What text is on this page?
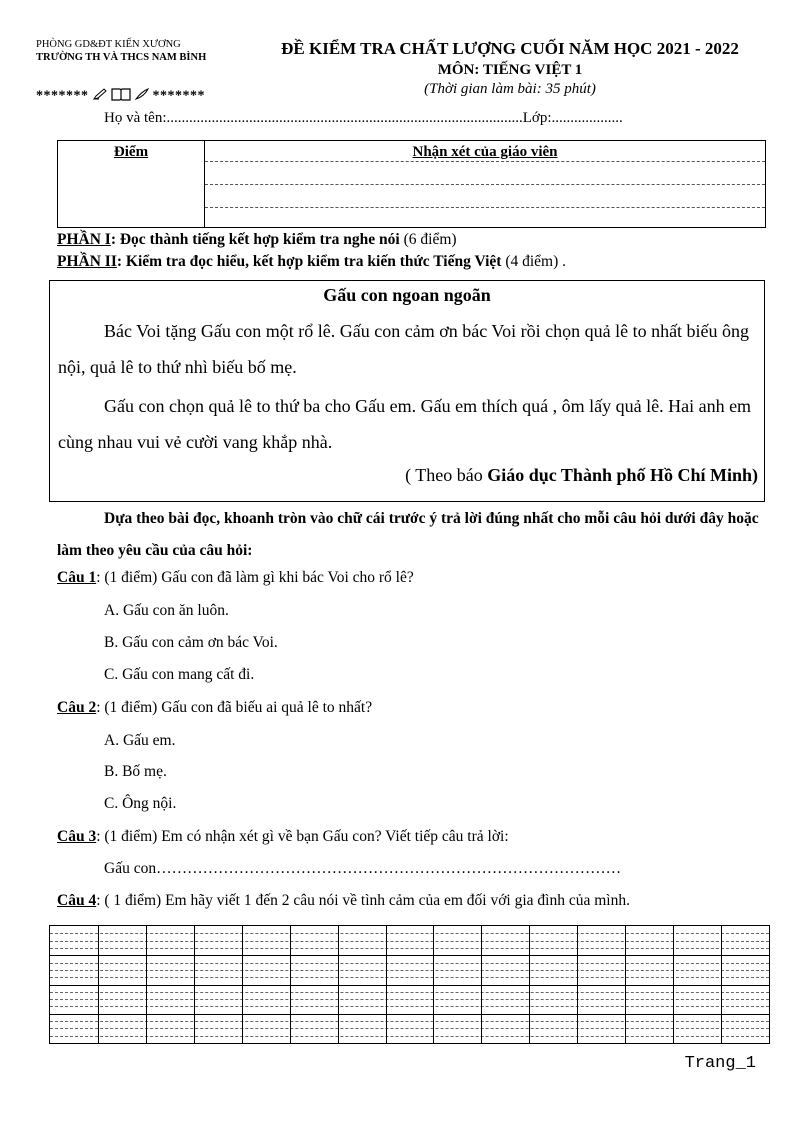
PHÒNG GD&ĐT KIẾN XƯƠNG
TRƯỜNG TH VÀ THCS NAM BÌNH
*******	*******
ĐỀ KIỂM TRA CHẤT LƯỢNG CUỐI NĂM HỌC 2021 - 2022
MÔN: TIẾNG VIỆT 1
(Thời gian làm bài: 35 phút)
Họ và tên:...............................................................................................Lớp:...................
Điểm	Nhận xét của giáo viên
PHẦN I: Đọc thành tiếng kết hợp kiểm tra nghe nói (6 điểm)
PHẦN II: Kiểm tra đọc hiểu, kết hợp kiểm tra kiến thức Tiếng Việt (4 điểm) .
Gấu con ngoan ngoãn
Bác Voi tặng Gấu con một rổ lê. Gấu con cảm ơn bác Voi rồi chọn quả lê to nhất biếu ông nội, quả lê to thứ nhì biếu bố mẹ.
Gấu con chọn quả lê to thứ ba cho Gấu em. Gấu em thích quá , ôm lấy quả lê. Hai anh em cùng nhau vui vẻ cười vang khắp nhà.
( Theo báo Giáo dục Thành phố Hồ Chí Minh)
Dựa theo bài đọc, khoanh tròn vào chữ cái trước ý trả lời đúng nhất cho mỗi câu hỏi dưới đây hoặc làm theo yêu cầu của câu hỏi:
Câu 1: (1 điểm) Gấu con đã làm gì khi bác Voi cho rổ lê?
A. Gấu con ăn luôn.
B. Gấu con cảm ơn bác Voi.
C. Gấu con mang cất đi.
Câu 2: (1 điểm) Gấu con đã biếu ai quả lê to nhất?
A. Gấu em.
B. Bố mẹ.
C. Ông nội.
Câu 3: (1 điểm) Em có nhận xét gì về bạn Gấu con? Viết tiếp câu trả lời:
Gấu con………………………………………………………………………………
Câu 4: ( 1 điểm) Em hãy viết 1 đến 2 câu nói về tình cảm của em đối với gia đình của mình.
Trang_1
